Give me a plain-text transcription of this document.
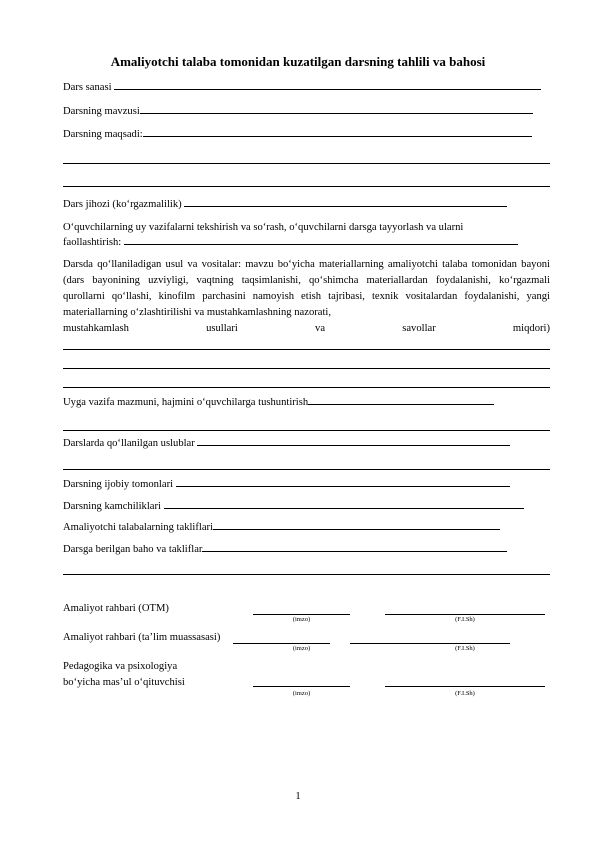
Amaliyotchi talaba tomonidan kuzatilgan darsning tahlili va bahosi
Dars sanasi
Darsning mavzusi
Darsning maqsadi:
Dars jihozi (ko‘rgazmalilik)
O‘quvchilarning uy vazifalarni tekshirish va so‘rash, o‘quvchilarni darsga tayyorlash va ularni
faollashtirish:
Darsda qo‘llaniladigan usul va vositalar: mavzu bo‘yicha materiallarning amaliyotchi talaba tomonidan bayoni (dars bayonining uzviyligi, vaqtning taqsimlanishi, qo‘shimcha materiallardan foydalanishi, ko‘rgazmali qurollarni qo‘llashi, kinofilm parchasini namoyish etish tajribasi, texnik vositalardan foydalanishi, yangi materiallarning o‘zlashtirilishi va mustahkamlashning nazorati,
mustahkamlash	usullari	va	savollar	miqdori)
Uyga vazifa mazmuni, hajmini o‘quvchilarga tushuntirish
Darslarda qo‘llanilgan uslublar
Darsning ijobiy tomonlari
Darsning kamchiliklari
Amaliyotchi talabalarning takliflari
Darsga berilgan baho va takliflar
Amaliyot rahbari (OTM)
(imzo)	(F.I.Sh)
Amaliyot rahbari (ta’lim muassasasi)
(imzo)	(F.I.Sh)
Pedagogika va psixologiya
bo‘yicha mas’ul o‘qituvchisi
(imzo)	(F.I.Sh)
1
